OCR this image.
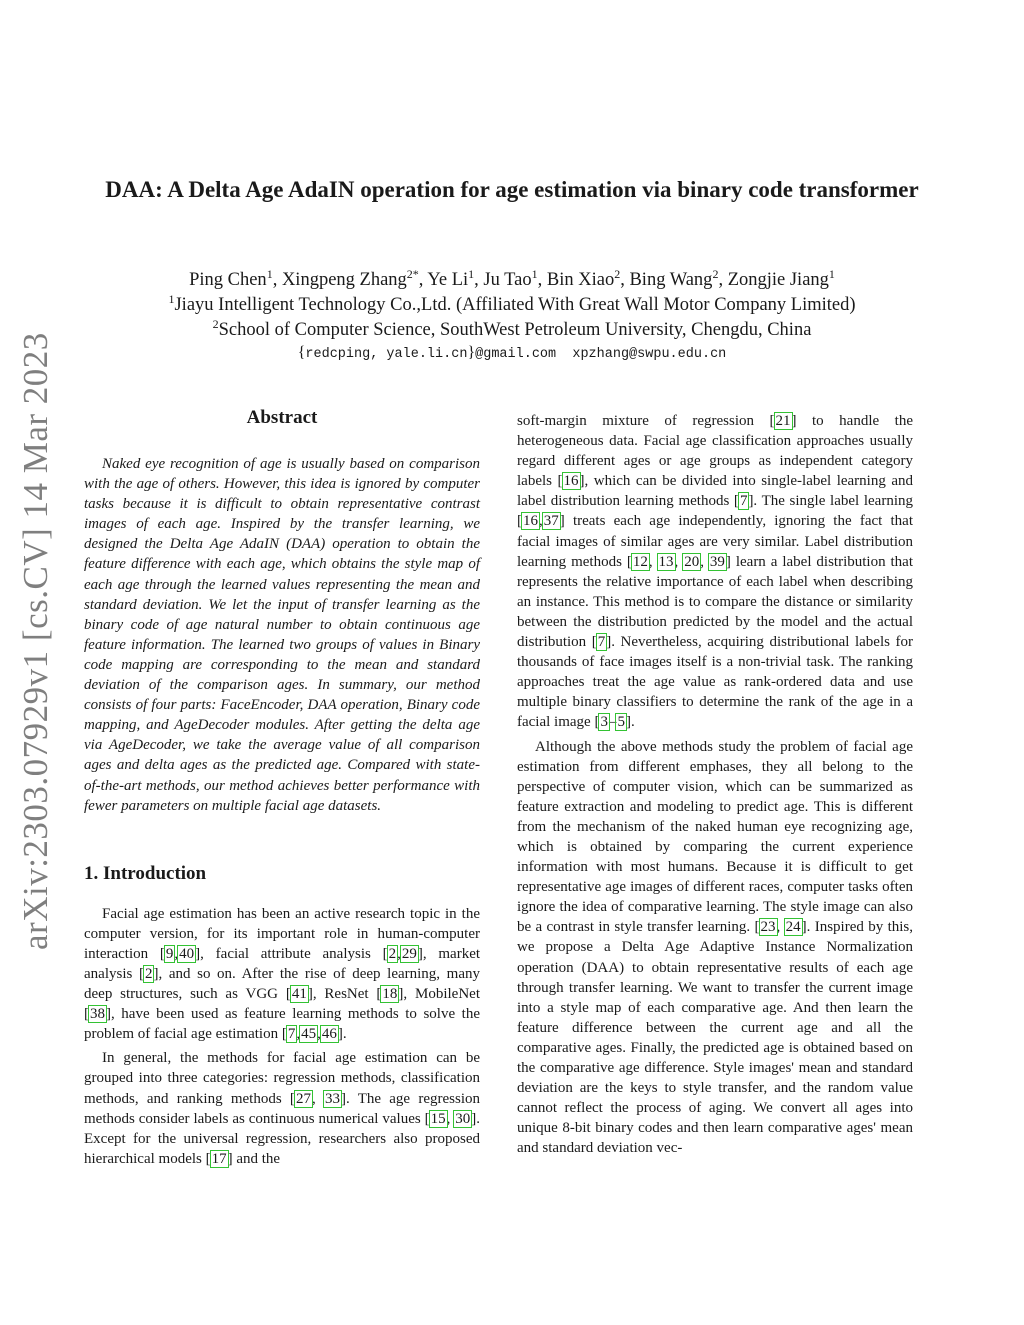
arXiv:2303.07929v1 [cs.CV] 14 Mar 2023
DAA: A Delta Age AdaIN operation for age estimation via binary code transformer
Ping Chen$^1$, Xingpeng Zhang$^{2*}$, Ye Li$^1$, Ju Tao$^1$, Bin Xiao$^2$, Bing Wang$^2$, Zongjie Jiang$^1$
$^1$Jiayu Intelligent Technology Co.,Ltd. (Affiliated With Great Wall Motor Company Limited)
$^2$School of Computer Science, SouthWest Petroleum University, Chengdu, China
{redcping, yale.li.cn}@gmail.com xpzhang@swpu.edu.cn
Abstract

Naked eye recognition of age is usually based on comparison with the age of others. However, this idea is ignored by computer tasks because it is difficult to obtain representative contrast images of each age. Inspired by the transfer learning, we designed the Delta Age AdaIN (DAA) operation to obtain the feature difference with each age, which obtains the style map of each age through the learned values representing the mean and standard deviation. We let the input of transfer learning as the binary code of age natural number to obtain continuous age feature information. The learned two groups of values in Binary code mapping are corresponding to the mean and standard deviation of the comparison ages. In summary, our method consists of four parts: FaceEncoder, DAA operation, Binary code mapping, and AgeDecoder modules. After getting the delta age via AgeDecoder, we take the average value of all comparison ages and delta ages as the predicted age. Compared with state-of-the-art methods, our method achieves better performance with fewer parameters on multiple facial age datasets.

1. Introduction

Facial age estimation has been an active research topic in the computer version, for its important role in human-computer interaction [9,40], facial attribute analysis [2,29], market analysis [2], and so on. After the rise of deep learning, many deep structures, such as VGG [41], ResNet [18], MobileNet [38], have been used as feature learning methods to solve the problem of facial age estimation [7,45,46].

In general, the methods for facial age estimation can be grouped into three categories: regression methods, classification methods, and ranking methods [27, 33]. The age regression methods consider labels as continuous numerical values [15, 30]. Except for the universal regression, researchers also proposed hierarchical models [17] and the

soft-margin mixture of regression [21] to handle the heterogeneous data. Facial age classification approaches usually regard different ages or age groups as independent category labels [16], which can be divided into single-label learning and label distribution learning methods [7]. The single label learning [16,37] treats each age independently, ignoring the fact that facial images of similar ages are very similar. Label distribution learning methods [12, 13, 20, 39] learn a label distribution that represents the relative importance of each label when describing an instance. This method is to compare the distance or similarity between the distribution predicted by the model and the actual distribution [7]. Nevertheless, acquiring distributional labels for thousands of face images itself is a non-trivial task. The ranking approaches treat the age value as rank-ordered data and use multiple binary classifiers to determine the rank of the age in a facial image [3–5].

Although the above methods study the problem of facial age estimation from different emphases, they all belong to the perspective of computer vision, which can be summarized as feature extraction and modeling to predict age. This is different from the mechanism of the naked human eye recognizing age, which is obtained by comparing the current experience information with most humans. Because it is difficult to get representative age images of different races, computer tasks often ignore the idea of comparative learning. The style image can also be a contrast in style transfer learning. [23, 24]. Inspired by this, we propose a Delta Age Adaptive Instance Normalization operation (DAA) to obtain representative results of each age through transfer learning. We want to transfer the current image into a style map of each comparative age. And then learn the feature difference between the current age and all the comparative ages. Finally, the predicted age is obtained based on the comparative age difference. Style images' mean and standard deviation are the keys to style transfer, and the random value cannot reflect the process of aging. We convert all ages into unique 8-bit binary codes and then learn comparative ages' mean and standard deviation vec-
